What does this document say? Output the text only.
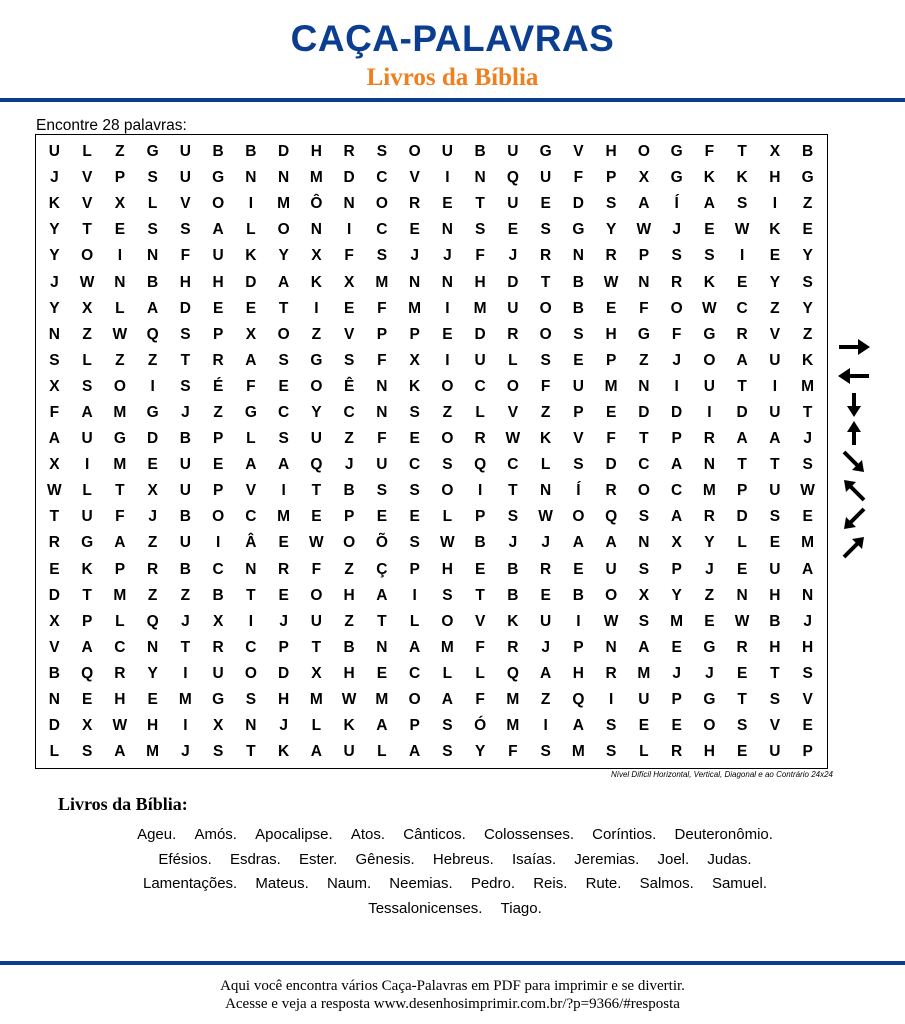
CAÇA-PALAVRAS
Livros da Bíblia
Encontre 28 palavras:
U	L	Z	G	U	B	B	D	H	R	S	O	U	B	U	G	V	H	O	G	F	T	X	B
J	V	P	S	U	G	N	N	M	D	C	V	I	N	Q	U	F	P	X	G	K	K	H	G
K	V	X	L	V	O	I	M	Ô	N	O	R	E	T	U	E	D	S	A	Í	A	S	I	Z
Y	T	E	S	S	A	L	O	N	I	C	E	N	S	E	S	G	Y	W	J	E	W	K	E
Y	O	I	N	F	U	K	Y	X	F	S	J	J	F	J	R	N	R	P	S	S	I	E	Y
J	W	N	B	H	H	D	A	K	X	M	N	N	H	D	T	B	W	N	R	K	E	Y	S
Y	X	L	A	D	E	E	T	I	E	F	M	I	M	U	O	B	E	F	O	W	C	Z	Y
N	Z	W	Q	S	P	X	O	Z	V	P	P	E	D	R	O	S	H	G	F	G	R	V	Z
S	L	Z	Z	T	R	A	S	G	S	F	X	I	U	L	S	E	P	Z	J	O	A	U	K
X	S	O	I	S	É	F	E	O	Ê	N	K	O	C	O	F	U	M	N	I	U	T	I	M
F	A	M	G	J	Z	G	C	Y	C	N	S	Z	L	V	Z	P	E	D	D	I	D	U	T
A	U	G	D	B	P	L	S	U	Z	F	E	O	R	W	K	V	F	T	P	R	A	A	J
X	I	M	E	U	E	A	A	Q	J	U	C	S	Q	C	L	S	D	C	A	N	T	T	S
W	L	T	X	U	P	V	I	T	B	S	S	O	I	T	N	Í	R	O	C	M	P	U	W
T	U	F	J	B	O	C	M	E	P	E	E	L	P	S	W	O	Q	S	A	R	D	S	E
R	G	A	Z	U	I	Â	E	W	O	Õ	S	W	B	J	J	A	A	N	X	Y	L	E	M
E	K	P	R	B	C	N	R	F	Z	Ç	P	H	E	B	R	E	U	S	P	J	E	U	A
D	T	M	Z	Z	B	T	E	O	H	A	I	S	T	B	E	B	O	X	Y	Z	N	H	N
X	P	L	Q	J	X	I	J	U	Z	T	L	O	V	K	U	I	W	S	M	E	W	B	J
V	A	C	N	T	R	C	P	T	B	N	A	M	F	R	J	P	N	A	E	G	R	H	H
B	Q	R	Y	I	U	O	D	X	H	E	C	L	L	Q	A	H	R	M	J	J	E	T	S
N	E	H	E	M	G	S	H	M	W	M	O	A	F	M	Z	Q	I	U	P	G	T	S	V
D	X	W	H	I	X	N	J	L	K	A	P	S	Ó	M	I	A	S	E	E	O	S	V	E
L	S	A	M	J	S	T	K	A	U	L	A	S	Y	F	S	M	S	L	R	H	E	U	P
Nível Difícil Horizontal, Vertical, Diagonal e ao Contrário 24x24
Livros da Bíblia:
Ageu. Amós. Apocalipse. Atos. Cânticos. Colossenses. Coríntios. Deuteronômio.
Efésios. Esdras. Ester. Gênesis. Hebreus. Isaías. Jeremias. Joel. Judas.
Lamentações. Mateus. Naum. Neemias. Pedro. Reis. Rute. Salmos. Samuel.
Tessalonicenses. Tiago.
Aqui você encontra vários Caça-Palavras em PDF para imprimir e se divertir.
Acesse e veja a resposta www.desenhosimprimir.com.br/?p=9366/#resposta
